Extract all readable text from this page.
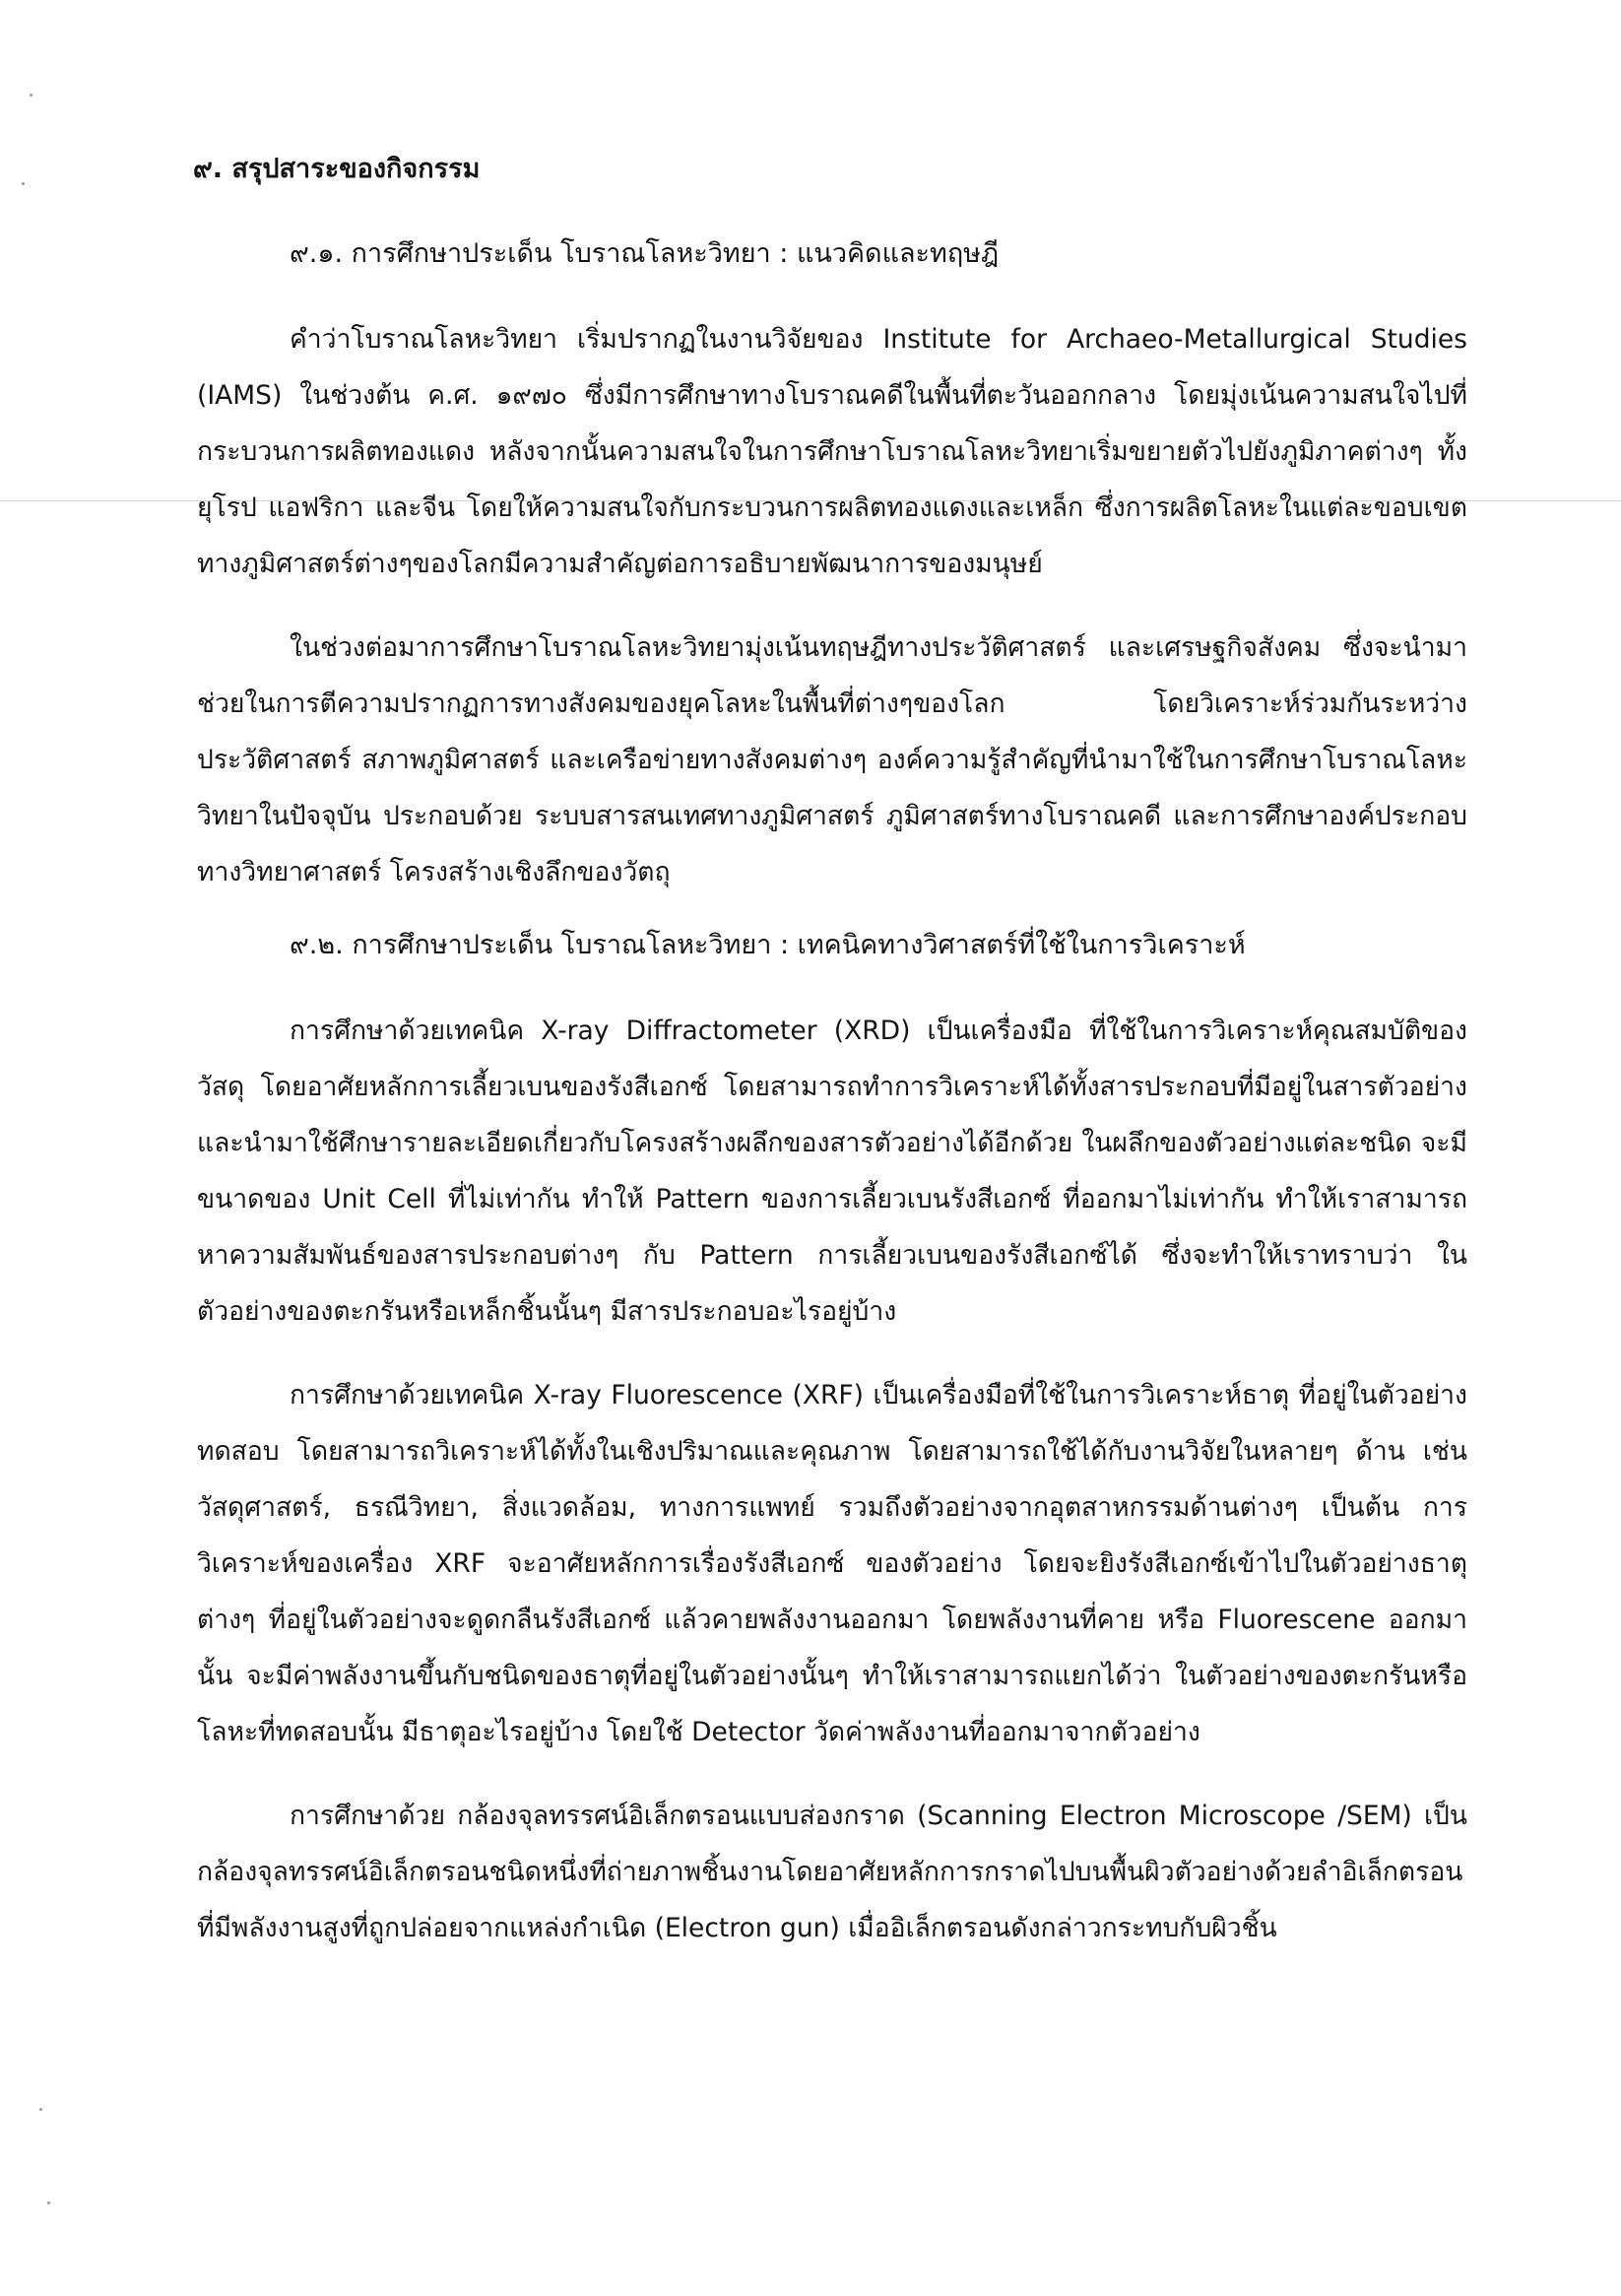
๙. สรุปสาระของกิจกรรม
๙.๑. การศึกษาประเด็น โบราณโลหะวิทยา : แนวคิดและทฤษฎี

คำว่าโบราณโลหะวิทยา เริ่มปรากฏในงานวิจัยของ Institute for Archaeo-Metallurgical Studies (IAMS) ในช่วงต้น ค.ศ. ๑๙๗๐ ซึ่งมีการศึกษาทางโบราณคดีในพื้นที่ตะวันออกกลาง โดยมุ่งเน้นความสนใจไปที่กระบวนการผลิตทองแดง หลังจากนั้นความสนใจในการศึกษาโบราณโลหะวิทยาเริ่มขยายตัวไปยังภูมิภาคต่างๆ ทั้งยุโรป แอฟริกา และจีน โดยให้ความสนใจกับกระบวนการผลิตทองแดงและเหล็ก ซึ่งการผลิตโลหะในแต่ละขอบเขตทางภูมิศาสตร์ต่างๆของโลกมีความสำคัญต่อการอธิบายพัฒนาการของมนุษย์

ในช่วงต่อมาการศึกษาโบราณโลหะวิทยามุ่งเน้นทฤษฎีทางประวัติศาสตร์ และเศรษฐกิจสังคม ซึ่งจะนำมาช่วยในการตีความปรากฏการทางสังคมของยุคโลหะในพื้นที่ต่างๆของโลก โดยวิเคราะห์ร่วมกันระหว่างประวัติศาสตร์ สภาพภูมิศาสตร์ และเครือข่ายทางสังคมต่างๆ องค์ความรู้สำคัญที่นำมาใช้ในการศึกษาโบราณโลหะวิทยาในปัจจุบัน ประกอบด้วย ระบบสารสนเทศทางภูมิศาสตร์ ภูมิศาสตร์ทางโบราณคดี และการศึกษาองค์ประกอบทางวิทยาศาสตร์ โครงสร้างเชิงลึกของวัตถุ

๙.๒. การศึกษาประเด็น โบราณโลหะวิทยา : เทคนิคทางวิศาสตร์ที่ใช้ในการวิเคราะห์

การศึกษาด้วยเทคนิค X-ray Diffractometer (XRD) เป็นเครื่องมือ ที่ใช้ในการวิเคราะห์คุณสมบัติของวัสดุ โดยอาศัยหลักการเลี้ยวเบนของรังสีเอกซ์ โดยสามารถทำการวิเคราะห์ได้ทั้งสารประกอบที่มีอยู่ในสารตัวอย่าง และนำมาใช้ศึกษารายละเอียดเกี่ยวกับโครงสร้างผลึกของสารตัวอย่างได้อีกด้วย ในผลึกของตัวอย่างแต่ละชนิด จะมีขนาดของ Unit Cell ที่ไม่เท่ากัน ทำให้ Pattern ของการเลี้ยวเบนรังสีเอกซ์ ที่ออกมาไม่เท่ากัน ทำให้เราสามารถหาความสัมพันธ์ของสารประกอบต่างๆ กับ Pattern การเลี้ยวเบนของรังสีเอกซ์ได้ ซึ่งจะทำให้เราทราบว่า ในตัวอย่างของตะกรันหรือเหล็กชิ้นนั้นๆ มีสารประกอบอะไรอยู่บ้าง

การศึกษาด้วยเทคนิค X-ray Fluorescence (XRF) เป็นเครื่องมือที่ใช้ในการวิเคราะห์ธาตุ ที่อยู่ในตัวอย่างทดสอบ โดยสามารถวิเคราะห์ได้ทั้งในเชิงปริมาณและคุณภาพ โดยสามารถใช้ได้กับงานวิจัยในหลายๆ ด้าน เช่น วัสดุศาสตร์, ธรณีวิทยา, สิ่งแวดล้อม, ทางการแพทย์ รวมถึงตัวอย่างจากอุตสาหกรรมด้านต่างๆ เป็นต้น การวิเคราะห์ของเครื่อง XRF จะอาศัยหลักการเรื่องรังสีเอกซ์ ของตัวอย่าง โดยจะยิงรังสีเอกซ์เข้าไปในตัวอย่างธาตุต่างๆ ที่อยู่ในตัวอย่างจะดูดกลืนรังสีเอกซ์ แล้วคายพลังงานออกมา โดยพลังงานที่คาย หรือ Fluorescene ออกมานั้น จะมีค่าพลังงานขึ้นกับชนิดของธาตุที่อยู่ในตัวอย่างนั้นๆ ทำให้เราสามารถแยกได้ว่า ในตัวอย่างของตะกรันหรือโลหะที่ทดสอบนั้น มีธาตุอะไรอยู่บ้าง โดยใช้ Detector วัดค่าพลังงานที่ออกมาจากตัวอย่าง

การศึกษาด้วย กล้องจุลทรรศน์อิเล็กตรอนแบบส่องกราด (Scanning Electron Microscope /SEM) เป็นกล้องจุลทรรศน์อิเล็กตรอนชนิดหนึ่งที่ถ่ายภาพชิ้นงานโดยอาศัยหลักการกราดไปบนพื้นผิวตัวอย่างด้วยลำอิเล็กตรอนที่มีพลังงานสูงที่ถูกปล่อยจากแหล่งกำเนิด (Electron gun) เมื่ออิเล็กตรอนดังกล่าวกระทบกับผิวชิ้น
